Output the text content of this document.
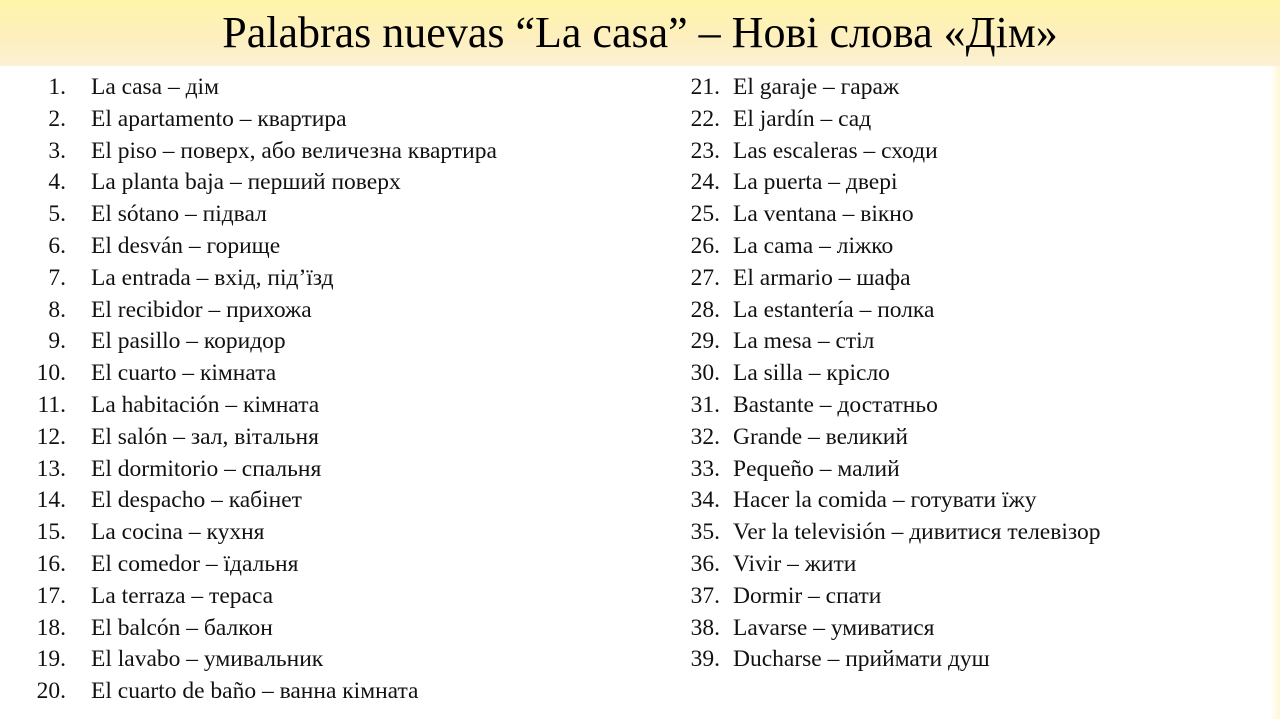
Palabras nuevas “La casa” – Нові слова «Дім»
1. La casa – дім
2. El apartamento – квартира
3. El piso – поверх, або величезна квартира
4. La planta baja – перший поверх
5. El sótano – підвал
6. El desván – горище
7. La entrada – вхід, під’їзд
8. El recibidor – прихожа
9. El pasillo – коридор
10. El cuarto – кімната
11. La habitación – кімната
12. El salón – зал, вітальня
13. El dormitorio – спальня
14. El despacho – кабінет
15. La cocina – кухня
16. El comedor – їдальня
17. La terraza – тераса
18. El balcón – балкон
19. El lavabo – умивальник
20. El cuarto de baño – ванна кімната
21. El garaje – гараж
22. El jardín – сад
23. Las escaleras – сходи
24. La puerta – двері
25. La ventana – вікно
26. La cama – ліжко
27. El armario – шафа
28. La estantería – полка
29. La mesa – стіл
30. La silla – крісло
31. Bastante – достатньо
32. Grande – великий
33. Pequeño – малий
34. Hacer la comida – готувати їжу
35. Ver la televisión – дивитися телевізор
36. Vivir – жити
37. Dormir – спати
38. Lavarse – умиватися
39. Ducharse – приймати душ
